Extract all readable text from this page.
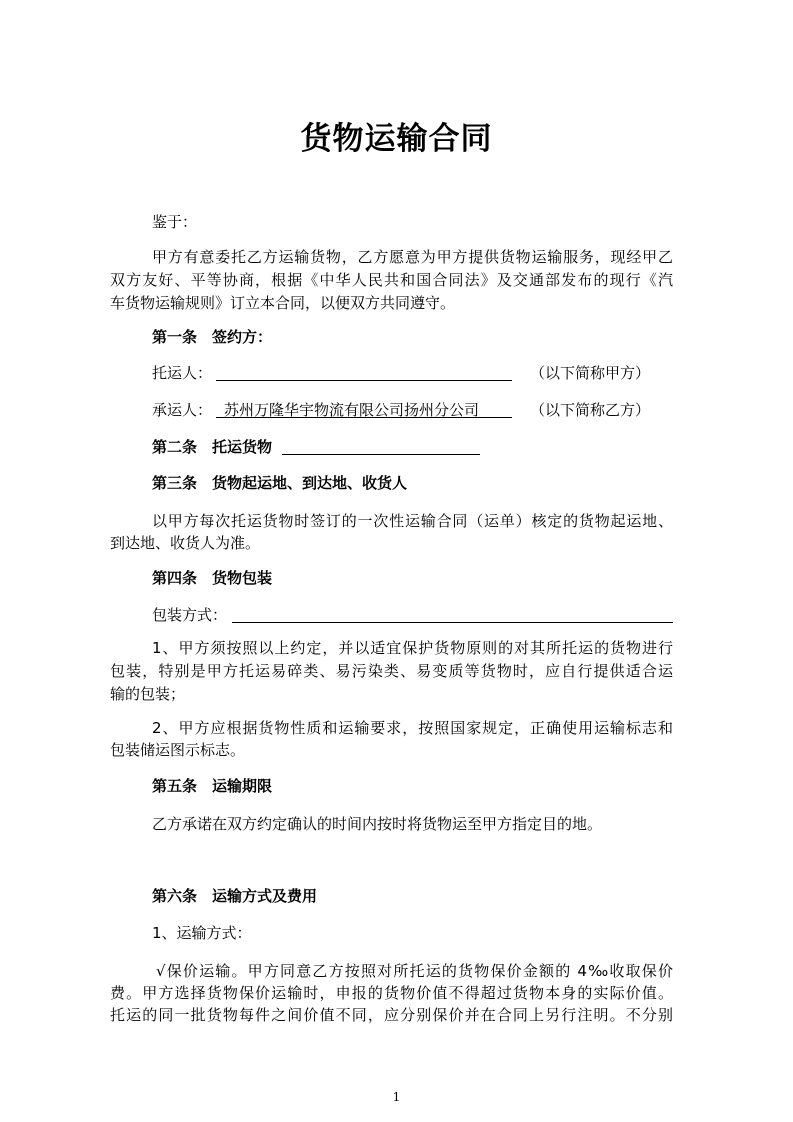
货物运输合同
鉴于：
甲方有意委托乙方运输货物，乙方愿意为甲方提供货物运输服务，现经甲乙
双方友好、平等协商，根据《中华人民共和国合同法》及交通部发布的现行《汽
车货物运输规则》订立本合同，以便双方共同遵守。
第一条　签约方：
托运人：	（以下简称甲方）
承运人： 苏州万隆华宇物流有限公司扬州分公司	（以下简称乙方）
第二条　托运货物
第三条　货物起运地、到达地、收货人
以甲方每次托运货物时签订的一次性运输合同（运单）核定的货物起运地、
到达地、收货人为准。
第四条　货物包装
包装方式：
1、甲方须按照以上约定，并以适宜保护货物原则的对其所托运的货物进行
包装，特别是甲方托运易碎类、易污染类、易变质等货物时，应自行提供适合运
输的包装；
2、甲方应根据货物性质和运输要求，按照国家规定，正确使用运输标志和
包装储运图示标志。
第五条　运输期限
乙方承诺在双方约定确认的时间内按时将货物运至甲方指定目的地。
第六条　运输方式及费用
1、运输方式：
√保价运输。甲方同意乙方按照对所托运的货物保价金额的 4‰收取保价
费。甲方选择货物保价运输时，申报的货物价值不得超过货物本身的实际价值。
托运的同一批货物每件之间价值不同，应分别保价并在合同上另行注明。不分别
1
